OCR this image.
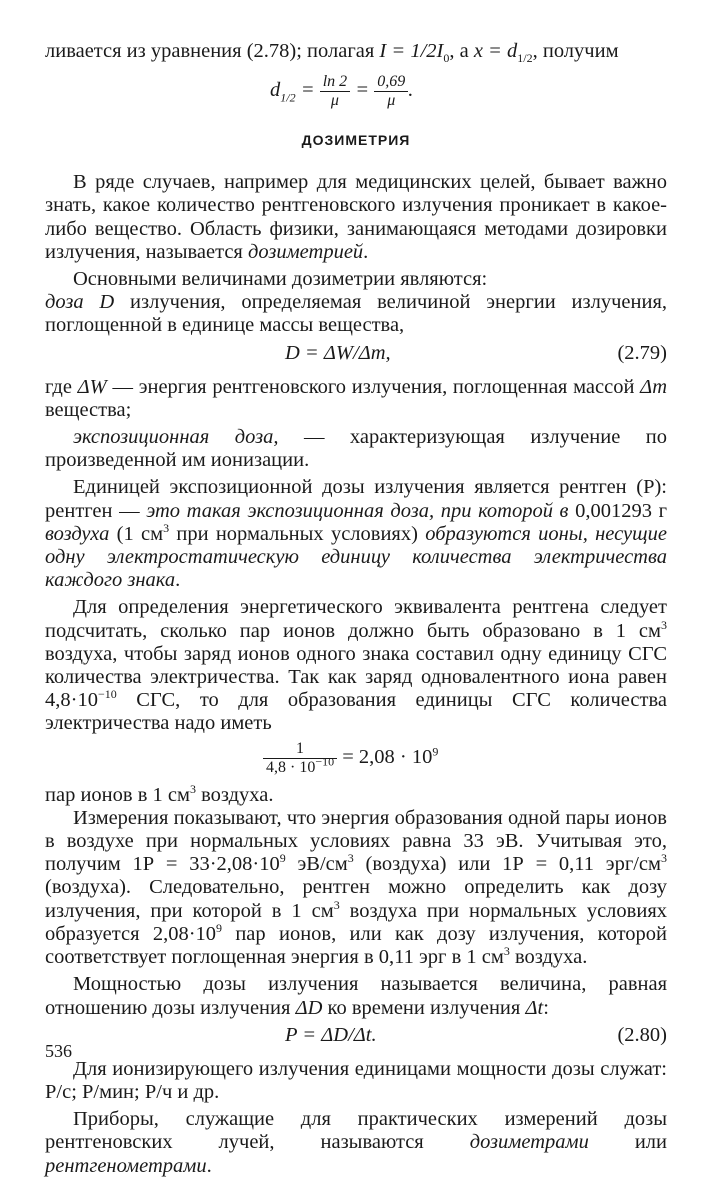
ливается из уравнения (2.78); полагая $I = 1/2I_0$, а $x = d_{1/2}$, получим

$d_{1/2} = \frac{\ln 2}{\mu} = \frac{0,69}{\mu}$ .
ДОЗИМЕТРИЯ

В ряде случаев, например для медицинских целей, бывает важно знать, какое количество рентгеновского излучения проникает в какое-либо вещество. Область физики, занимающаяся методами дозировки излучения, называется дозиметрией.

Основными величинами дозиметрии являются:

доза D излучения, определяемая величиной энергии излучения, поглощенной в единице массы вещества,

D = ΔW/Δm,	(2.79)

где ΔW — энергия рентгеновского излучения, поглощенная массой Δm вещества;

экспозиционная доза, — характеризующая излучение по произведенной им ионизации.

Единицей экспозиционной дозы излучения является рентген (Р): рентген — это такая экспозиционная доза, при которой в 0,001293 г воздуха (1 $см^3$ при нормальных условиях) образуются ионы, несущие одну электростатическую единицу количества электричества каждого знака.

Для определения энергетического эквивалента рентгена следует подсчитать, сколько пар ионов должно быть образовано в 1 $см^3$ воздуха, чтобы заряд ионов одного знака составил одну единицу СГС количества электричества. Так как заряд одновалентного иона равен $4,8\cdot 10^{-10}$ СГС, то для образования единицы СГС количества электричества надо иметь

$\frac{1}{4,8 \cdot 10^{-10}} = 2,08 \cdot 10^9$

пар ионов в 1 $см^3$ воздуха.

Измерения показывают, что энергия образования одной пары ионов в воздухе при нормальных условиях равна 33 эВ. Учитывая это, получим $1Р = 33\cdot 2,08\cdot 10^9$ $эВ/см^3$ (воздуха) или 1Р = 0,11 эрг/$см^3$ (воздуха). Следовательно, рентген можно определить как дозу излучения, при которой в 1 $см^3$ воздуха при нормальных условиях образуется $2,08\cdot 10^9$ пар ионов, или как дозу излучения, которой соответствует поглощенная энергия в 0,11 эрг в 1 $см^3$ воздуха.

Мощностью дозы излучения называется величина, равная отношению дозы излучения ΔD ко времени излучения Δt:

P = ΔD/Δt.	(2.80)

Для ионизирующего излучения единицами мощности дозы служат: Р/с; Р/мин; Р/ч и др.

Приборы, служащие для практических измерений дозы рентгеновских лучей, называются дозиметрами или рентгенометрами.

536
